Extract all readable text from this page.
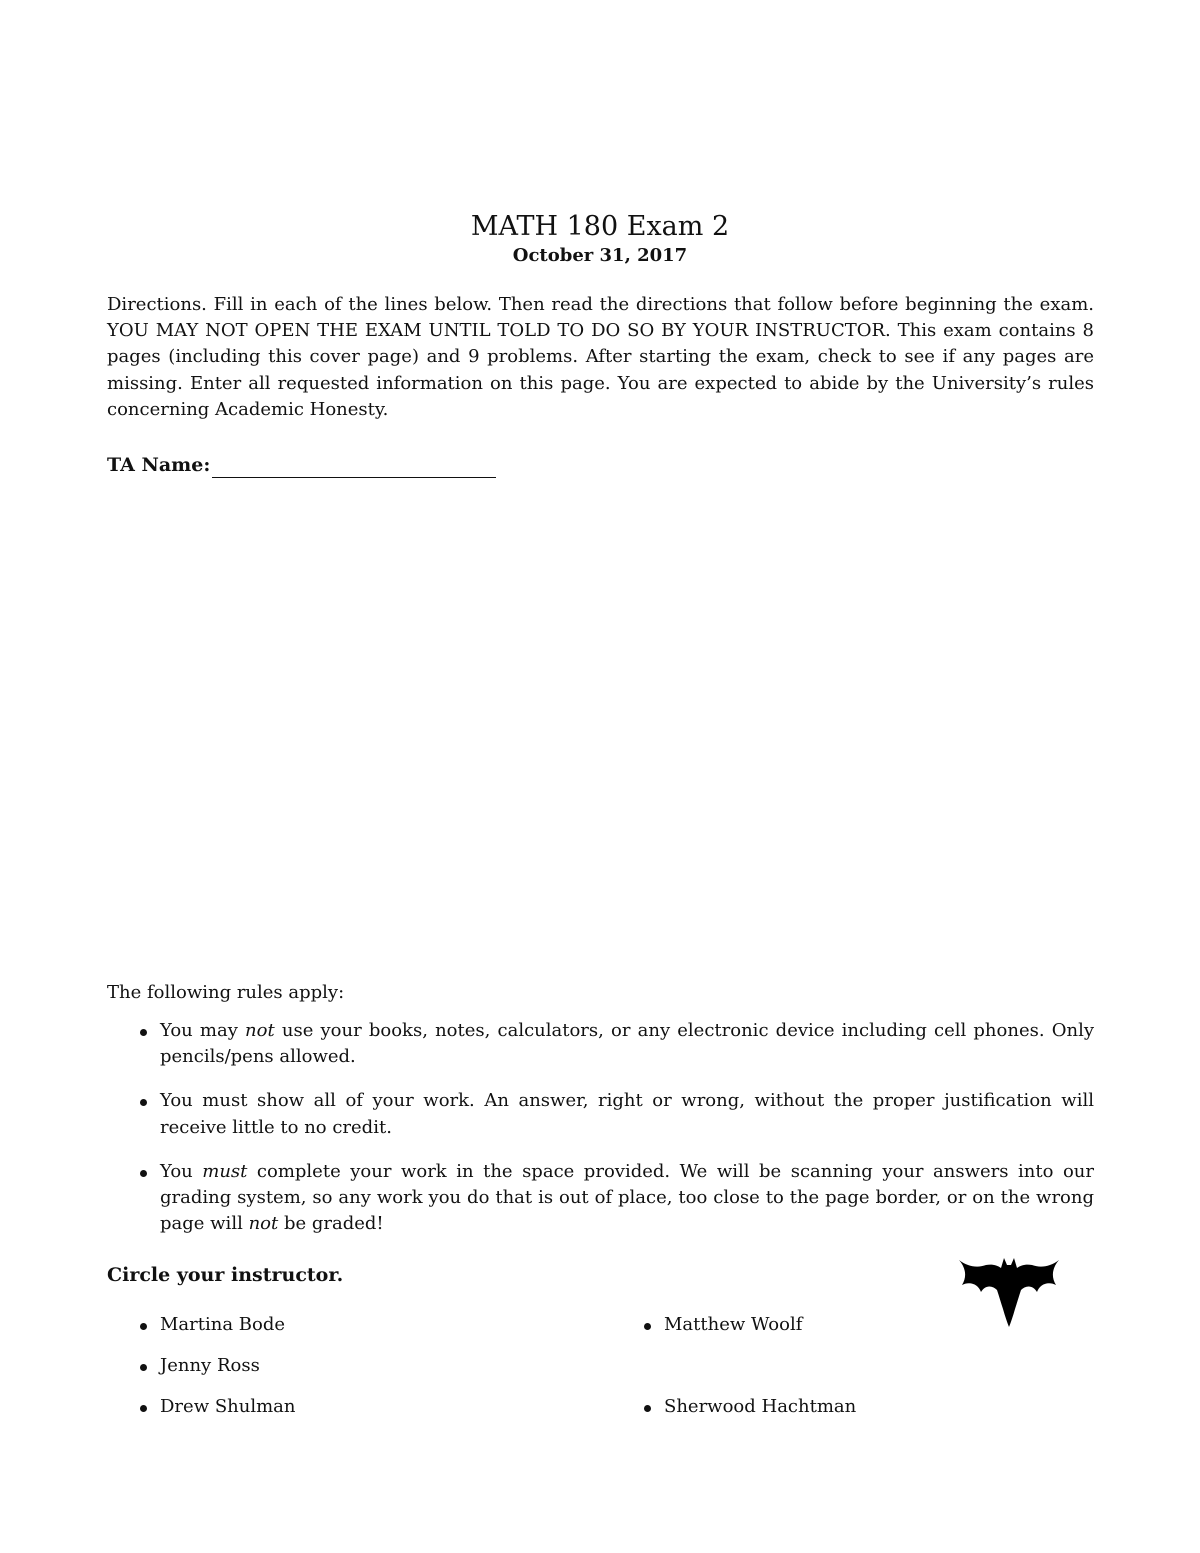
MATH 180 Exam 2
October 31, 2017

Directions. Fill in each of the lines below. Then read the directions that follow before beginning the exam. YOU MAY NOT OPEN THE EXAM UNTIL TOLD TO DO SO BY YOUR INSTRUCTOR. This exam contains 8 pages (including this cover page) and 9 problems. After starting the exam, check to see if any pages are missing. Enter all requested information on this page. You are expected to abide by the University’s rules concerning Academic Honesty.

TA Name:

The following rules apply:

You may not use your books, notes, calculators, or any electronic device including cell phones. Only pencils/pens allowed.
You must show all of your work. An answer, right or wrong, without the proper justification will receive little to no credit.
You must complete your work in the space provided. We will be scanning your answers into our grading system, so any work you do that is out of place, too close to the page border, or on the wrong page will not be graded!
Circle your instructor.
Martina Bode	Matthew Woolf
Jenny Ross
Drew Shulman	Sherwood Hachtman
